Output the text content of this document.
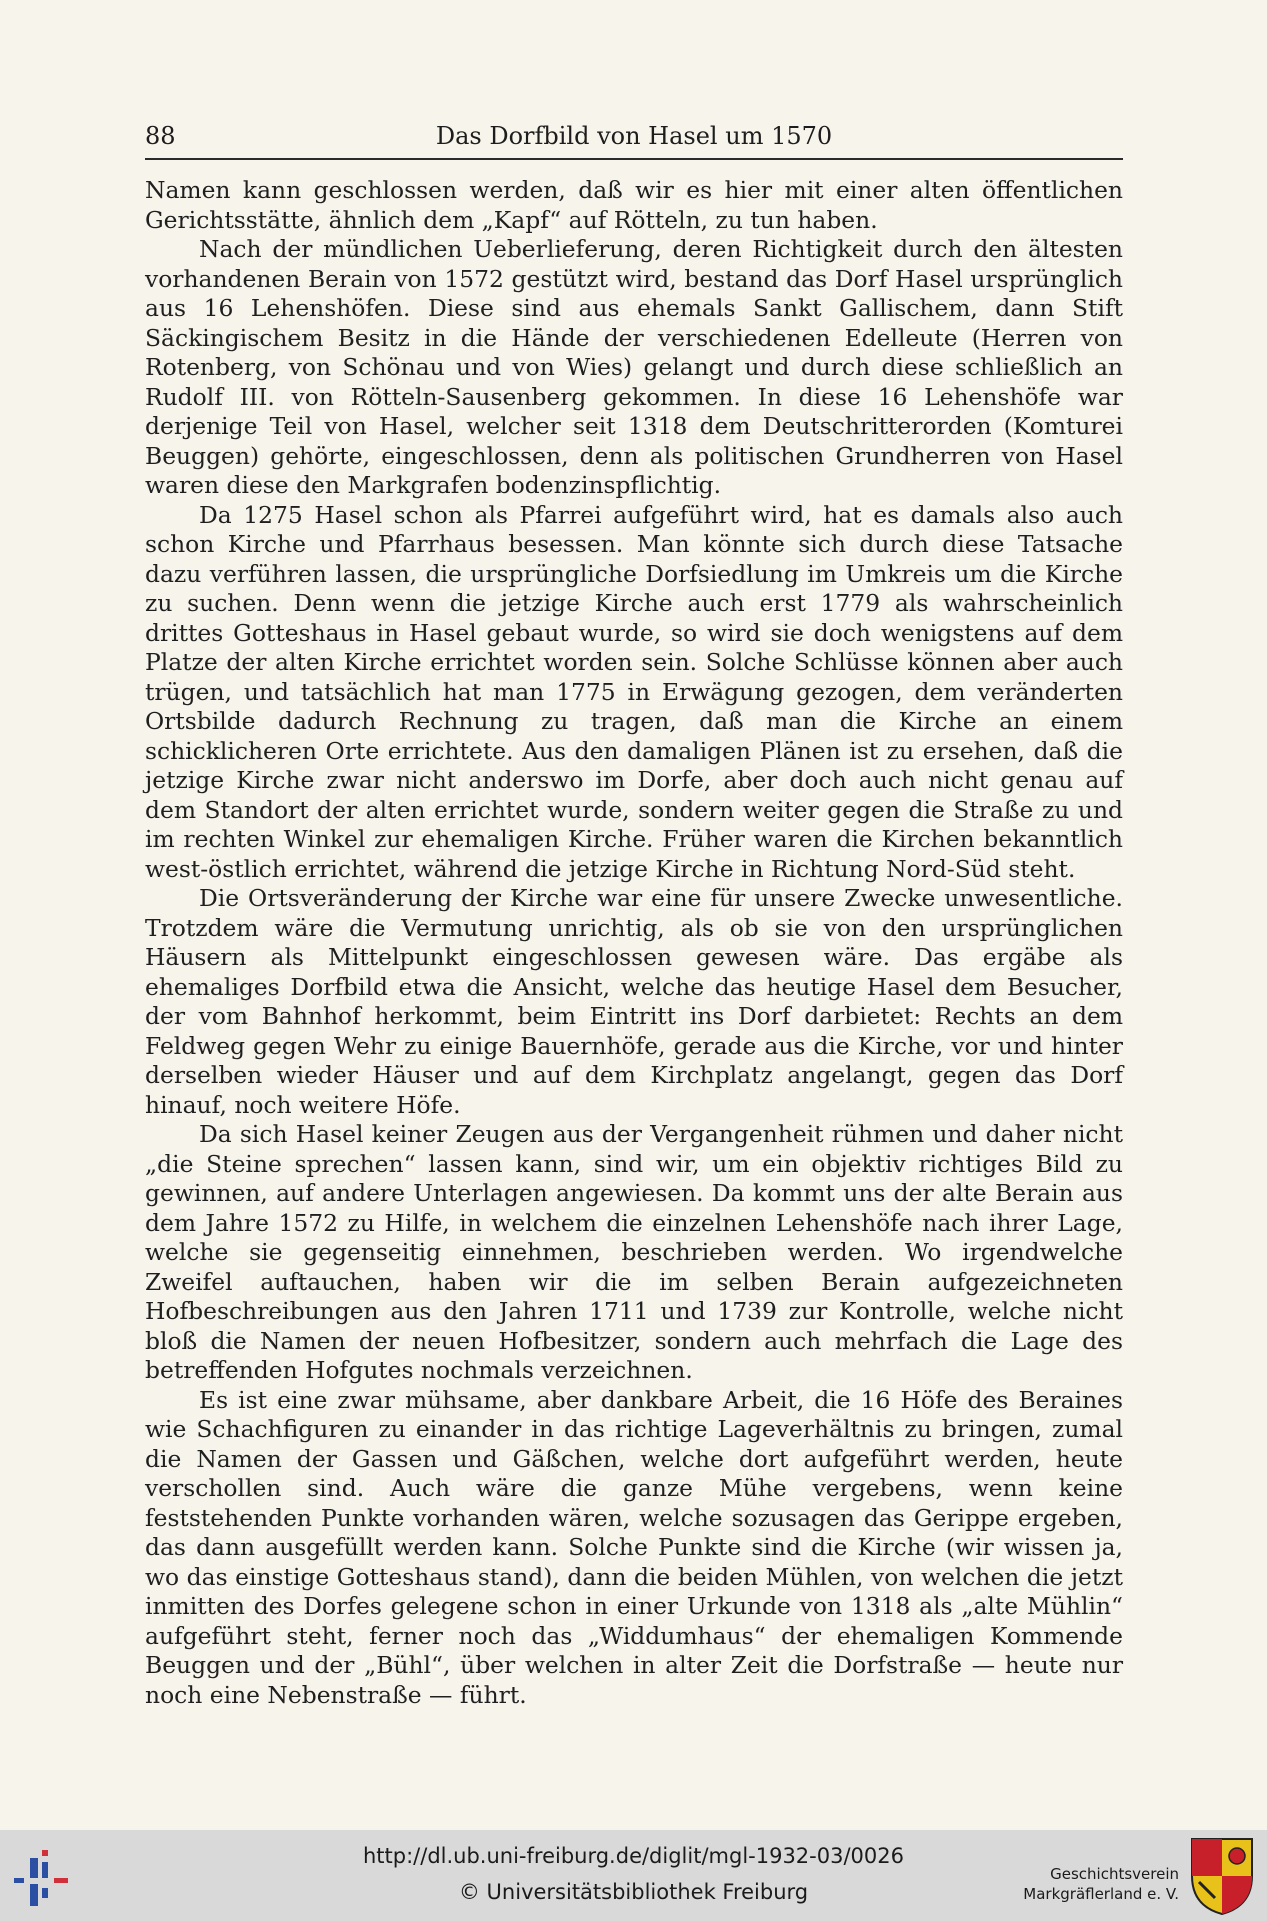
88	Das Dorfbild von Hasel um 1570

Namen kann geschlossen werden, daß wir es hier mit einer alten öffentlichen Gerichtsstätte, ähnlich dem „Kapf“ auf Rötteln, zu tun haben.

Nach der mündlichen Ueberlieferung, deren Richtigkeit durch den ältesten vorhandenen Berain von 1572 gestützt wird, bestand das Dorf Hasel ursprünglich aus 16 Lehenshöfen. Diese sind aus ehemals Sankt Gallischem, dann Stift Säckingischem Besitz in die Hände der verschiedenen Edelleute (Herren von Rotenberg, von Schönau und von Wies) gelangt und durch diese schließlich an Rudolf III. von Rötteln-Sausenberg gekommen. In diese 16 Lehenshöfe war derjenige Teil von Hasel, welcher seit 1318 dem Deutschritterorden (Komturei Beuggen) gehörte, eingeschlossen, denn als politischen Grundherren von Hasel waren diese den Markgrafen bodenzinspflichtig.

Da 1275 Hasel schon als Pfarrei aufgeführt wird, hat es damals also auch schon Kirche und Pfarrhaus besessen. Man könnte sich durch diese Tatsache dazu verführen lassen, die ursprüngliche Dorfsiedlung im Umkreis um die Kirche zu suchen. Denn wenn die jetzige Kirche auch erst 1779 als wahrscheinlich drittes Gotteshaus in Hasel gebaut wurde, so wird sie doch wenigstens auf dem Platze der alten Kirche errichtet worden sein. Solche Schlüsse können aber auch trügen, und tatsächlich hat man 1775 in Erwägung gezogen, dem veränderten Ortsbilde dadurch Rechnung zu tragen, daß man die Kirche an einem schicklicheren Orte errichtete. Aus den damaligen Plänen ist zu ersehen, daß die jetzige Kirche zwar nicht anderswo im Dorfe, aber doch auch nicht genau auf dem Standort der alten errichtet wurde, sondern weiter gegen die Straße zu und im rechten Winkel zur ehemaligen Kirche. Früher waren die Kirchen bekanntlich west-östlich errichtet, während die jetzige Kirche in Richtung Nord-Süd steht.

Die Ortsveränderung der Kirche war eine für unsere Zwecke unwesentliche. Trotzdem wäre die Vermutung unrichtig, als ob sie von den ursprünglichen Häusern als Mittelpunkt eingeschlossen gewesen wäre. Das ergäbe als ehemaliges Dorfbild etwa die Ansicht, welche das heutige Hasel dem Besucher, der vom Bahnhof herkommt, beim Eintritt ins Dorf darbietet: Rechts an dem Feldweg gegen Wehr zu einige Bauernhöfe, gerade aus die Kirche, vor und hinter derselben wieder Häuser und auf dem Kirchplatz angelangt, gegen das Dorf hinauf, noch weitere Höfe.

Da sich Hasel keiner Zeugen aus der Vergangenheit rühmen und daher nicht „die Steine sprechen“ lassen kann, sind wir, um ein objektiv richtiges Bild zu gewinnen, auf andere Unterlagen angewiesen. Da kommt uns der alte Berain aus dem Jahre 1572 zu Hilfe, in welchem die einzelnen Lehenshöfe nach ihrer Lage, welche sie gegenseitig einnehmen, beschrieben werden. Wo irgendwelche Zweifel auftauchen, haben wir die im selben Berain aufgezeichneten Hofbeschreibungen aus den Jahren 1711 und 1739 zur Kontrolle, welche nicht bloß die Namen der neuen Hofbesitzer, sondern auch mehrfach die Lage des betreffenden Hofgutes nochmals verzeichnen.

Es ist eine zwar mühsame, aber dankbare Arbeit, die 16 Höfe des Beraines wie Schachfiguren zu einander in das richtige Lageverhältnis zu bringen, zumal die Namen der Gassen und Gäßchen, welche dort aufgeführt werden, heute verschollen sind. Auch wäre die ganze Mühe vergebens, wenn keine feststehenden Punkte vorhanden wären, welche sozusagen das Gerippe ergeben, das dann ausgefüllt werden kann. Solche Punkte sind die Kirche (wir wissen ja, wo das einstige Gotteshaus stand), dann die beiden Mühlen, von welchen die jetzt inmitten des Dorfes gelegene schon in einer Urkunde von 1318 als „alte Mühlin“ aufgeführt steht, ferner noch das „Widdumhaus“ der ehemaligen Kommende Beuggen und der „Bühl“, über welchen in alter Zeit die Dorfstraße — heute nur noch eine Nebenstraße — führt.

http://dl.ub.uni-freiburg.de/diglit/mgl-1932-03/0026
© Universitätsbibliothek Freiburg
Geschichtsverein
Markgräflerland e. V.
